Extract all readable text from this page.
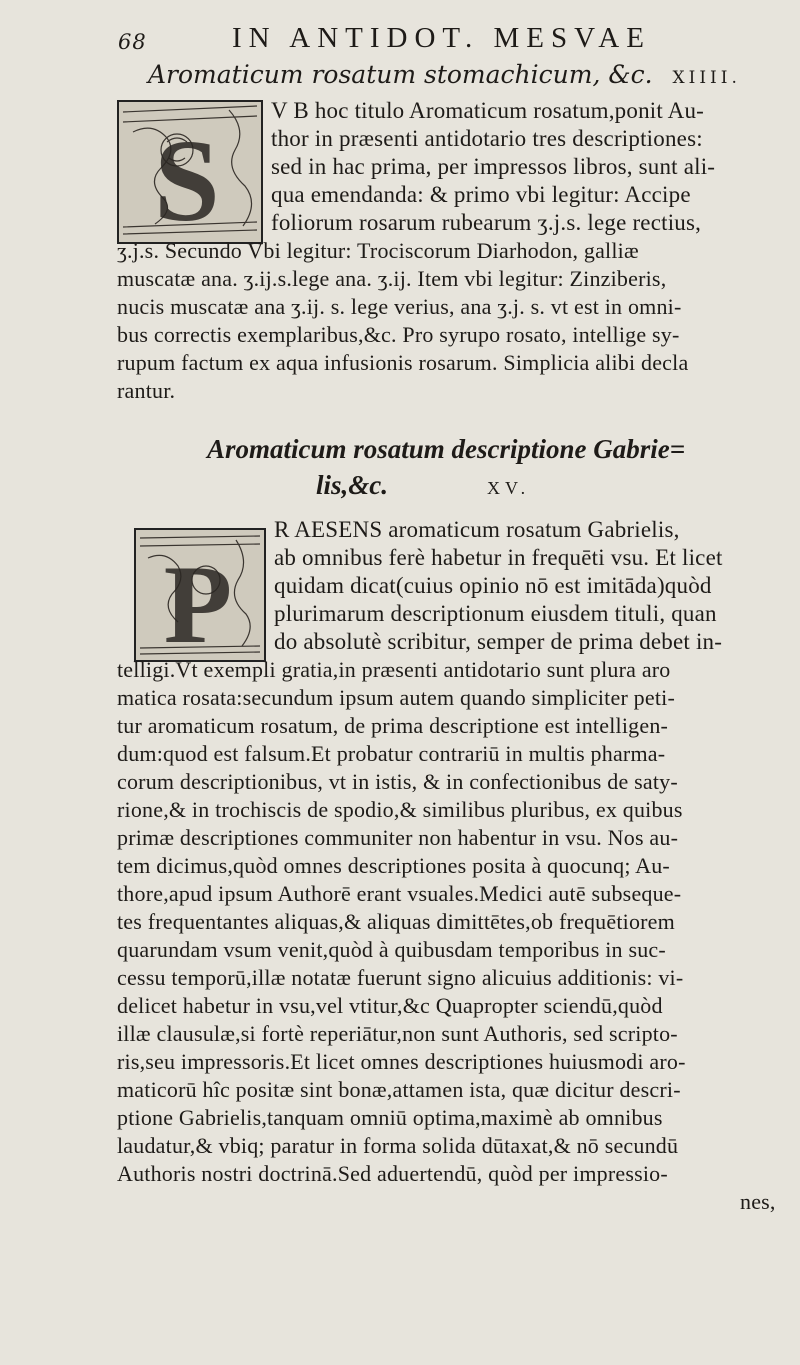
68	IN ANTIDOT. MESVAE
Aromaticum rosatum stomachicum, &c. XIIII.
S
V B hoc titulo Aromaticum rosatum,ponit Au-
thor in præsenti antidotario tres descriptiones:
sed in hac prima, per impressos libros, sunt ali-
qua emendanda: & primo vbi legitur: Accipe
foliorum rosarum rubearum ʒ.j.s. lege rectius,
ʒ.j.s. Secundo Vbi legitur: Trociscorum Diarhodon, galliæ
muscatæ ana. ʒ.ij.s.lege ana. ʒ.ij. Item vbi legitur: Zinziberis,
nucis muscatæ ana ʒ.ij. s. lege verius, ana ʒ.j. s. vt est in omni-
bus correctis exemplaribus,&c. Pro syrupo rosato, intellige sy-
rupum factum ex aqua infusionis rosarum. Simplicia alibi decla
rantur.
Aromaticum rosatum descriptione Gabrie=
lis,&c.	XV.
P
R AESENS aromaticum rosatum Gabrielis,
ab omnibus ferè habetur in frequēti vsu. Et licet
quidam dicat(cuius opinio nō est imitāda)quòd
plurimarum descriptionum eiusdem tituli, quan
do absolutè scribitur, semper de prima debet in-
telligi.Vt exempli gratia,in præsenti antidotario sunt plura aro
matica rosata:secundum ipsum autem quando simpliciter peti-
tur aromaticum rosatum, de prima descriptione est intelligen-
dum:quod est falsum.Et probatur contrariū in multis pharma-
corum descriptionibus, vt in istis, & in confectionibus de saty-
rione,& in trochiscis de spodio,& similibus pluribus, ex quibus
primæ descriptiones communiter non habentur in vsu. Nos au-
tem dicimus,quòd omnes descriptiones posita à quocunq; Au-
thore,apud ipsum Authorē erant vsuales.Medici autē subseque-
tes frequentantes aliquas,& aliquas dimittētes,ob frequētiorem
quarundam vsum venit,quòd à quibusdam temporibus in suc-
cessu temporū,illæ notatæ fuerunt signo alicuius additionis: vi-
delicet habetur in vsu,vel vtitur,&c Quapropter sciendū,quòd
illæ clausulæ,si fortè reperiātur,non sunt Authoris, sed scripto-
ris,seu impressoris.Et licet omnes descriptiones huiusmodi aro-
maticorū hîc positæ sint bonæ,attamen ista, quæ dicitur descri-
ptione Gabrielis,tanquam omniū optima,maximè ab omnibus
laudatur,& vbiq; paratur in forma solida dūtaxat,& nō secundū
Authoris nostri doctrinā.Sed aduertendū, quòd per impressio-
nes,
